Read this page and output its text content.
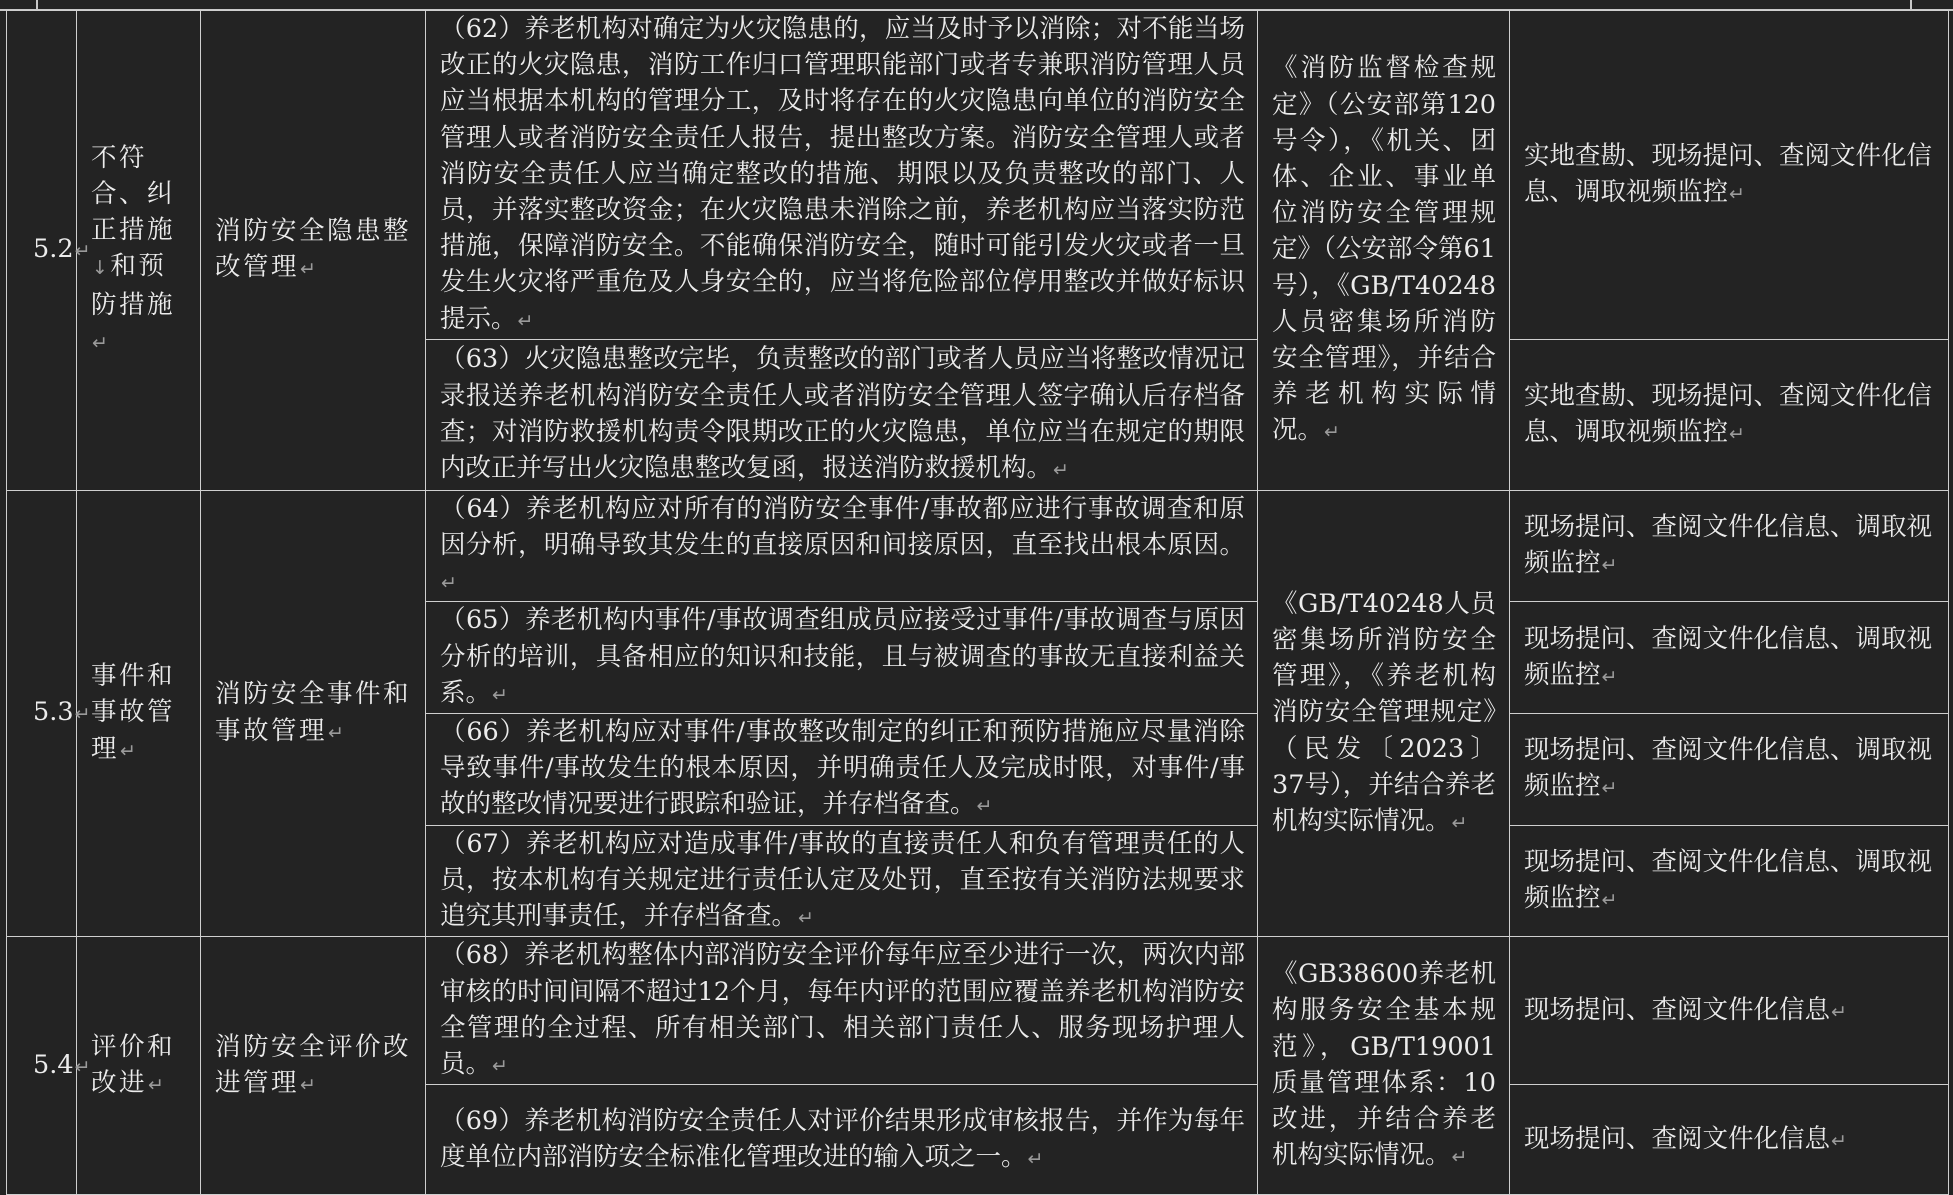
5.2↵	不符合、纠正措施↓和预防措施↵	消防安全隐患整改管理↵	（62）养老机构对确定为火灾隐患的，应当及时予以消除；对不能当场改正的火灾隐患，消防工作归口管理职能部门或者专兼职消防管理人员应当根据本机构的管理分工，及时将存在的火灾隐患向单位的消防安全管理人或者消防安全责任人报告，提出整改方案。消防安全管理人或者消防安全责任人应当确定整改的措施、期限以及负责整改的部门、人员，并落实整改资金；在火灾隐患未消除之前，养老机构应当落实防范措施，保障消防安全。不能确保消防安全，随时可能引发火灾或者一旦发生火灾将严重危及人身安全的，应当将危险部位停用整改并做好标识提示。↵	《消防监督检查规定》（公安部第120号令），《机关、团体、企业、事业单位消防安全管理规定》（公安部令第61号），《GB/T40248人员密集场所消防安全管理》，并结合养老机构实际情况。↵	实地查勘、现场提问、查阅文件化信息、调取视频监控↵

			（63）火灾隐患整改完毕，负责整改的部门或者人员应当将整改情况记录报送养老机构消防安全责任人或者消防安全管理人签字确认后存档备查；对消防救援机构责令限期改正的火灾隐患，单位应当在规定的期限内改正并写出火灾隐患整改复函，报送消防救援机构。↵		实地查勘、现场提问、查阅文件化信息、调取视频监控↵

5.3↵	事件和事故管理↵	消防安全事件和事故管理↵	（64）养老机构应对所有的消防安全事件/事故都应进行事故调查和原因分析，明确导致其发生的直接原因和间接原因，直至找出根本原因。↵	《GB/T40248人员密集场所消防安全管理》，《养老机构消防安全管理规定》（民发〔2023〕37号），并结合养老机构实际情况。↵	现场提问、查阅文件化信息、调取视频监控↵

			（65）养老机构内事件/事故调查组成员应接受过事件/事故调查与原因分析的培训，具备相应的知识和技能，且与被调查的事故无直接利益关系。↵		现场提问、查阅文件化信息、调取视频监控↵

			（66）养老机构应对事件/事故整改制定的纠正和预防措施应尽量消除导致事件/事故发生的根本原因，并明确责任人及完成时限，对事件/事故的整改情况要进行跟踪和验证，并存档备查。↵		现场提问、查阅文件化信息、调取视频监控↵

			（67）养老机构应对造成事件/事故的直接责任人和负有管理责任的人员，按本机构有关规定进行责任认定及处罚，直至按有关消防法规要求追究其刑事责任，并存档备查。↵		现场提问、查阅文件化信息、调取视频监控↵

5.4↵	评价和改进↵	消防安全评价改进管理↵	（68）养老机构整体内部消防安全评价每年应至少进行一次，两次内部审核的时间间隔不超过12个月，每年内评的范围应覆盖养老机构消防安全管理的全过程、所有相关部门、相关部门责任人、服务现场护理人员。↵	《GB38600养老机构服务安全基本规范》，GB/T19001质量管理体系：10改进，并结合养老机构实际情况。↵	现场提问、查阅文件化信息↵

			（69）养老机构消防安全责任人对评价结果形成审核报告，并作为每年度单位内部消防安全标准化管理改进的输入项之一。↵		现场提问、查阅文件化信息↵
